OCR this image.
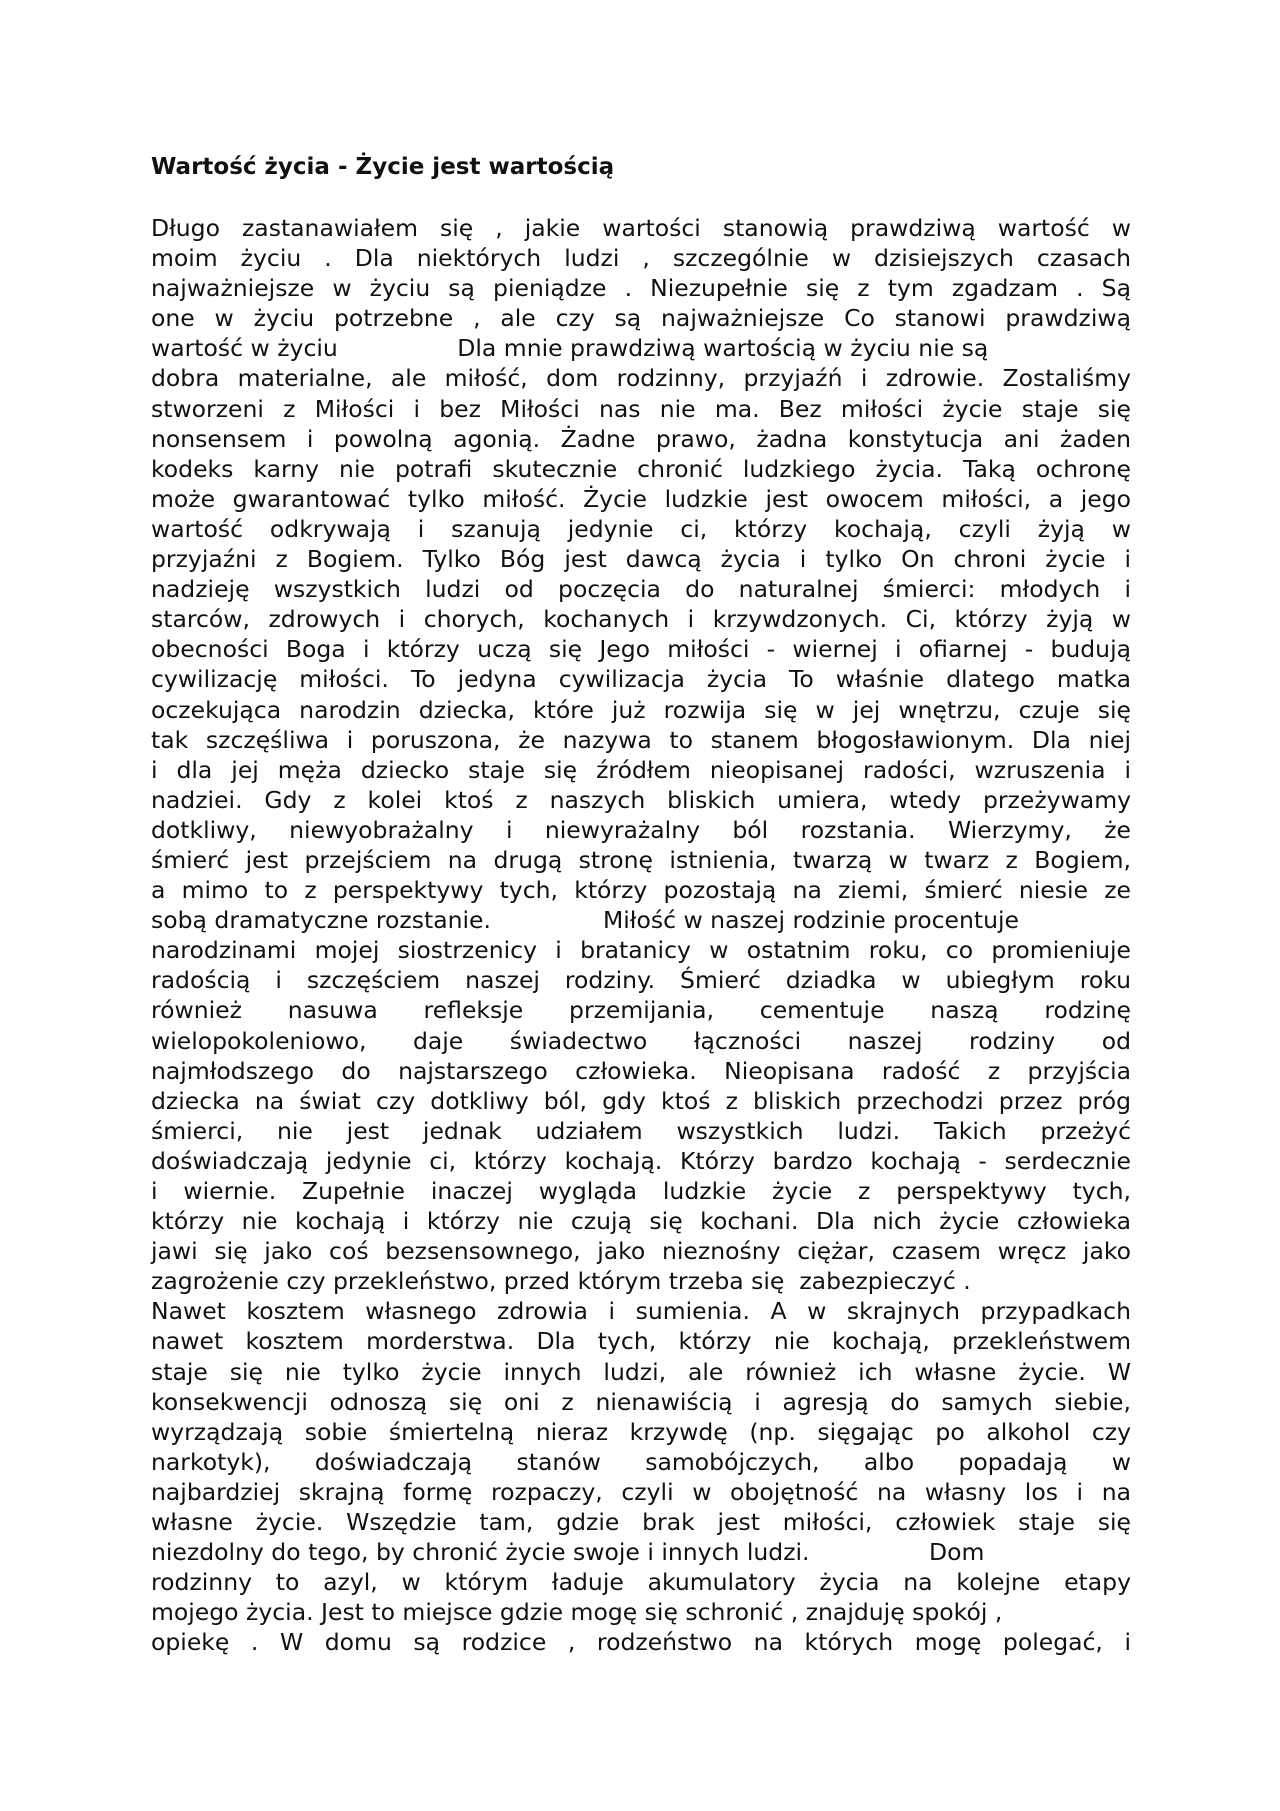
Wartość życia - Życie jest wartością
Długo zastanawiałem się , jakie wartości stanowią prawdziwą wartość w
moim życiu . Dla niektórych ludzi , szczególnie w dzisiejszych czasach
najważniejsze w życiu są pieniądze . Niezupełnie się z tym zgadzam . Są
one w życiu potrzebne , ale czy są najważniejsze Co stanowi prawdziwą
wartość w życiu                Dla mnie prawdziwą wartością w życiu nie są
dobra materialne, ale miłość, dom rodzinny, przyjaźń i zdrowie. Zostaliśmy
stworzeni z Miłości i bez Miłości nas nie ma. Bez miłości życie staje się
nonsensem i powolną agonią. Żadne prawo, żadna konstytucja ani żaden
kodeks karny nie potrafi skutecznie chronić ludzkiego życia. Taką ochronę
może gwarantować tylko miłość. Życie ludzkie jest owocem miłości, a jego
wartość odkrywają i szanują jedynie ci, którzy kochają, czyli żyją w
przyjaźni z Bogiem. Tylko Bóg jest dawcą życia i tylko On chroni życie i
nadzieję wszystkich ludzi od poczęcia do naturalnej śmierci: młodych i
starców, zdrowych i chorych, kochanych i krzywdzonych. Ci, którzy żyją w
obecności Boga i którzy uczą się Jego miłości - wiernej i ofiarnej - budują
cywilizację miłości. To jedyna cywilizacja życia To właśnie dlatego matka
oczekująca narodzin dziecka, które już rozwija się w jej wnętrzu, czuje się
tak szczęśliwa i poruszona, że nazywa to stanem błogosławionym. Dla niej
i dla jej męża dziecko staje się źródłem nieopisanej radości, wzruszenia i
nadziei. Gdy z kolei ktoś z naszych bliskich umiera, wtedy przeżywamy
dotkliwy, niewyobrażalny i niewyrażalny ból rozstania. Wierzymy, że
śmierć jest przejściem na drugą stronę istnienia, twarzą w twarz z Bogiem,
a mimo to z perspektywy tych, którzy pozostają na ziemi, śmierć niesie ze
sobą dramatyczne rozstanie.               Miłość w naszej rodzinie procentuje
narodzinami mojej siostrzenicy i bratanicy w ostatnim roku, co promieniuje
radością i szczęściem naszej rodziny. Śmierć dziadka w ubiegłym roku
również nasuwa refleksje przemijania, cementuje naszą rodzinę
wielopokoleniowo, daje świadectwo łączności naszej rodziny od
najmłodszego do najstarszego człowieka. Nieopisana radość z przyjścia
dziecka na świat czy dotkliwy ból, gdy ktoś z bliskich przechodzi przez próg
śmierci, nie jest jednak udziałem wszystkich ludzi. Takich przeżyć
doświadczają jedynie ci, którzy kochają. Którzy bardzo kochają - serdecznie
i wiernie. Zupełnie inaczej wygląda ludzkie życie z perspektywy tych,
którzy nie kochają i którzy nie czują się kochani. Dla nich życie człowieka
jawi się jako coś bezsensownego, jako nieznośny ciężar, czasem wręcz jako
zagrożenie czy przekleństwo, przed którym trzeba się  zabezpieczyć .
Nawet kosztem własnego zdrowia i sumienia. A w skrajnych przypadkach
nawet kosztem morderstwa. Dla tych, którzy nie kochają, przekleństwem
staje się nie tylko życie innych ludzi, ale również ich własne życie. W
konsekwencji odnoszą się oni z nienawiścią i agresją do samych siebie,
wyrządzają sobie śmiertelną nieraz krzywdę (np. sięgając po alkohol czy
narkotyk), doświadczają stanów samobójczych, albo popadają w
najbardziej skrajną formę rozpaczy, czyli w obojętność na własny los i na
własne życie. Wszędzie tam, gdzie brak jest miłości, człowiek staje się
niezdolny do tego, by chronić życie swoje i innych ludzi.                Dom
rodzinny to azyl, w którym ładuje akumulatory życia na kolejne etapy
mojego życia. Jest to miejsce gdzie mogę się schronić , znajduję spokój ,
opiekę . W domu są rodzice , rodzeństwo na których mogę polegać, i
